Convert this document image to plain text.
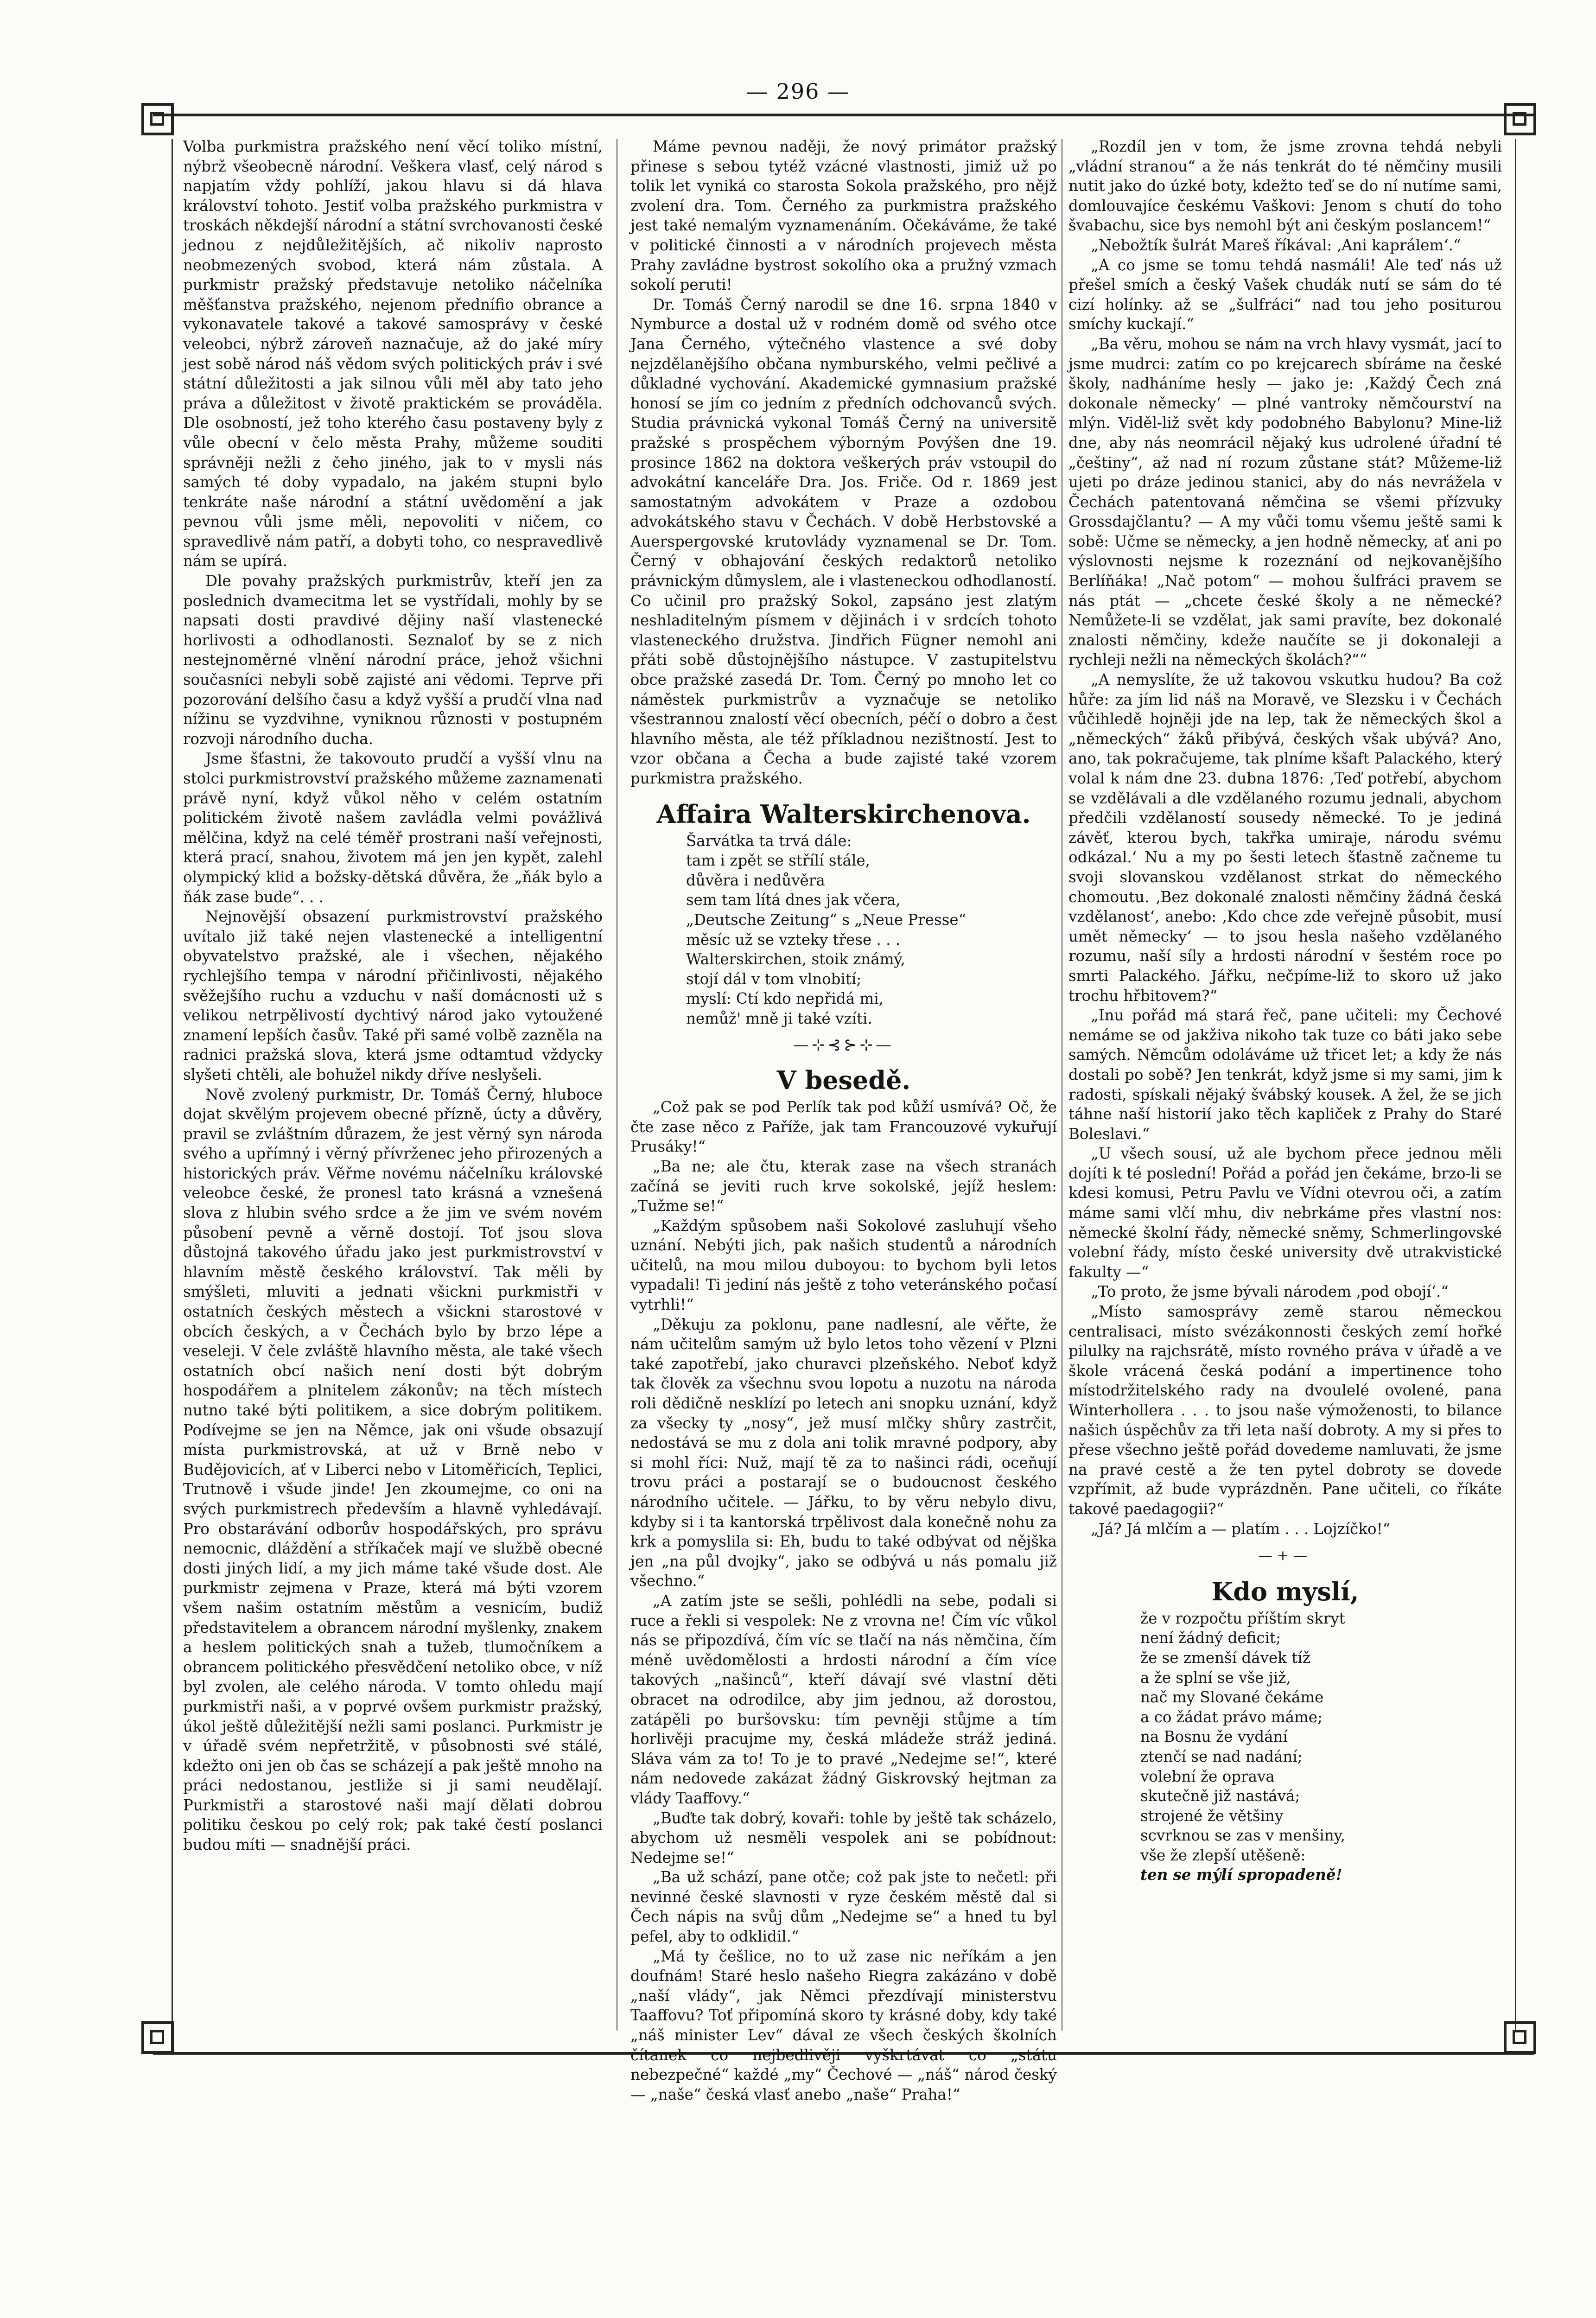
— 296 —

Volba purkmistra pražského není věcí toliko místní, nýbrž všeobecně národní. Veškera vlasť, celý národ s napjatím vždy pohlíží, jakou hlavu si dá hlava království tohoto. Jestiť volba pražského purkmistra v troskách někdejší národní a státní svrchovanosti české jednou z nejdůležitějších, ač nikoliv naprosto neobmezených svobod, která nám zůstala. A purkmistr pražský představuje netoliko náčelníka měšťanstva pražského, nejenom přednífio obrance a vykonavatele takové a takové samosprávy v české veleobci, nýbrž zároveň naznačuje, až do jaké míry jest sobě národ náš vědom svých politických práv i své státní důležitosti a jak silnou vůli měl aby tato jeho práva a důležitost v životě praktickém se prováděla. Dle osobností, jež toho kterého času postaveny byly z vůle obecní v čelo města Prahy, můžeme souditi správněji nežli z čeho jiného, jak to v mysli nás samých té doby vypadalo, na jakém stupni bylo tenkráte naše národní a státní uvědomění a jak pevnou vůli jsme měli, nepovoliti v ničem, co spravedlivě nám patří, a dobyti toho, co nespravedlivě nám se upírá.

Dle povahy pražských purkmistrův, kteří jen za poslednich dvamecitma let se vystřídali, mohly by se napsati dosti pravdivé dějiny naší vlastenecké horlivosti a odhodlanosti. Seznaloť by se z nich nestejnoměrné vlnění národní práce, jehož všichni současníci nebyli sobě zajisté ani vědomi. Teprve při pozorování delšího času a když vyšší a prudčí vlna nad nížinu se vyzdvihne, vyniknou různosti v postupném rozvoji národního ducha.

Jsme šťastni, že takovouto prudčí a vyšší vlnu na stolci purkmistrovství pražského můžeme zaznamenati právě nyní, když vůkol něho v celém ostatním politickém životě našem zavládla velmi povážlivá mělčina, když na celé téměř prostrani naší veřejnosti, která prací, snahou, životem má jen jen kypět, zalehl olympický klid a božsky-dětská důvěra, že „ňák bylo a ňák zase bude“. . .

Nejnovější obsazení purkmistrovství pražského uvítalo již také nejen vlastenecké a intelligentní obyvatelstvo pražské, ale i všechen, nějakého rychlejšího tempa v národní přičinlivosti, nějakého svěžejšího ruchu a vzduchu v naší domácnosti už s velikou netrpělivostí dychtivý národ jako vytoužené znamení lepších časův. Také při samé volbě zazněla na radnici pražská slova, která jsme odtamtud vždycky slyšeti chtěli, ale bohužel nikdy dříve neslyšeli.

Nově zvolený purkmistr, Dr. Tomáš Černý, hluboce dojat skvělým projevem obecné přízně, úcty a důvěry, pravil se zvláštním důrazem, že jest věrný syn národa svého a upřímný i věrný přívrženec jeho přirozených a historických práv. Věřme novému náčelníku královské veleobce české, že pronesl tato krásná a vznešená slova z hlubin svého srdce a že jim ve svém novém působení pevně a věrně dostojí. Toť jsou slova důstojná takového úřadu jako jest purkmistrovství v hlavním městě českého království. Tak měli by smýšleti, mluviti a jednati všickni purkmistři v ostatních českých městech a všickni starostové v obcích českých, a v Čechách bylo by brzo lépe a veseleji. V čele zvláště hlavního města, ale také všech ostatních obcí našich není dosti být dobrým hospodářem a plnitelem zákonův; na těch místech nutno také býti politikem, a sice dobrým politikem. Podívejme se jen na Němce, jak oni všude obsazují místa purkmistrovská, at už v Brně nebo v Budějovicích, ať v Liberci nebo v Litoměřicích, Teplici, Trutnově i všude jinde! Jen zkoumejme, co oni na svých purkmistrech především a hlavně vyhledávají. Pro obstarávání odborův hospodářských, pro správu nemocnic, dláždění a stříkaček mají ve službě obecné dosti jiných lidí, a my jich máme také všude dost. Ale purkmistr zejmena v Praze, která má býti vzorem všem našim ostatním městům a vesnicím, budiž představitelem a obrancem národní myšlenky, znakem a heslem politických snah a tužeb, tlumočníkem a obrancem politického přesvědčení netoliko obce, v níž byl zvolen, ale celého národa. V tomto ohledu mají purkmistři naši, a v poprvé ovšem purkmistr pražský, úkol ještě důležitější nežli sami poslanci. Purkmistr je v úřadě svém nepřetržitě, v působnosti své stálé, kdežto oni jen ob čas se scházejí a pak ještě mnoho na práci nedostanou, jestliže si ji sami neudělají. Purkmistři a starostové naši mají dělati dobrou politiku českou po celý rok; pak také čestí poslanci budou míti — snadnější práci.

Máme pevnou naději, že nový primátor pražský přinese s sebou tytéž vzácné vlastnosti, jimiž už po tolik let vyniká co starosta Sokola pražského, pro nějž zvolení dra. Tom. Černého za purkmistra pražského jest také nemalým vyznamenáním. Očekáváme, že také v politické činnosti a v národních projevech města Prahy zavládne bystrost sokolího oka a pružný vzmach sokolí peruti!

Dr. Tomáš Černý narodil se dne 16. srpna 1840 v Nymburce a dostal už v rodném domě od svého otce Jana Černého, výtečného vlastence a své doby nejzdělanějšího občana nymburského, velmi pečlivé a důkladné vychování. Akademické gymnasium pražské honosí se jím co jedním z předních odchovanců svých. Studia právnická vykonal Tomáš Černý na universitě pražské s prospěchem výborným Povýšen dne 19. prosince 1862 na doktora veškerých práv vstoupil do advokátní kanceláře Dra. Jos. Friče. Od r. 1869 jest samostatným advokátem v Praze a ozdobou advokátského stavu v Čechách. V době Herbstovské a Auerspergovské krutovlády vyznamenal se Dr. Tom. Černý v obhajování českých redaktorů netoliko právnickým důmyslem, ale i vlasteneckou odhodlaností. Co učinil pro pražský Sokol, zapsáno jest zlatým neshladitelným písmem v dějinách i v srdcích tohoto vlasteneckého družstva. Jindřich Fügner nemohl ani přáti sobě důstojnějšího nástupce. V zastupitelstvu obce pražské zasedá Dr. Tom. Černý po mnoho let co náměstek purkmistrův a vyznačuje se netoliko všestrannou znalostí věcí obecních, péčí o dobro a čest hlavního města, ale též příkladnou nezištností. Jest to vzor občana a Čecha a bude zajisté také vzorem purkmistra pražského.

Affaira Walterskirchenova.
Šarvátka ta trvá dále:
tam i zpět se střílí stále,
důvěra i nedůvěra
sem tam lítá dnes jak včera,
„Deutsche Zeitung“ s „Neue Presse“
měsíc už se vzteky třese . . .
Walterskirchen, stoik známý,
stojí dál v tom vlnobití;
myslí: Ctí kdo nepřidá mi,
nemůž' mně ji také vzíti.
—⊹⊰⊱⊹—
V besedě.

„Což pak se pod Perlík tak pod kůží usmívá? Oč, že čte zase něco z Paříže, jak tam Francouzové vykuřují Prusáky!“

„Ba ne; ale čtu, kterak zase na všech stranách začíná se jeviti ruch krve sokolské, jejíž heslem: „Tužme se!“

„Každým spůsobem naši Sokolové zasluhují všeho uznání. Nebýti jich, pak našich studentů a národních učitelů, na mou milou duboyou: to bychom byli letos vypadali! Ti jediní nás ještě z toho veteránského počasí vytrhli!“

„Děkuju za poklonu, pane nadlesní, ale věřte, že nám učitelům samým už bylo letos toho vězení v Plzni také zapotřebí, jako churavci plzeňského. Neboť když tak člověk za všechnu svou lopotu a nuzotu na národa roli dědičně nesklízí po letech ani snopku uznání, když za všecky ty „nosy“, jež musí mlčky shůry zastrčit, nedostává se mu z dola ani tolik mravné podpory, aby si mohl říci: Nuž, mají tě za to našinci rádi, oceňují trovu práci a postarají se o budoucnost českého národního učitele. — Jářku, to by věru nebylo divu, kdyby si i ta kantorská trpělivost dala konečně nohu za krk a pomyslila si: Eh, budu to také odbývat od nějška jen „na půl dvojky“, jako se odbývá u nás pomalu již všechno.“

„A zatím jste se sešli, pohlédli na sebe, podali si ruce a řekli si vespolek: Ne z vrovna ne! Čím víc vůkol nás se připozdívá, čím víc se tlačí na nás němčina, čím méně uvědomělosti a hrdosti národní a čím více takových „našinců“, kteří dávají své vlastní děti obracet na odrodilce, aby jim jednou, až dorostou, zatápěli po buršovsku: tím pevněji stůjme a tím horlivěji pracujme my, česká mládeže stráž jediná. Sláva vám za to! To je to pravé „Nedejme se!“, které nám nedovede zakázat žádný Giskrovský hejtman za vlády Taaffovy.“

„Buďte tak dobrý, kovaři: tohle by ještě tak scházelo, abychom už nesměli vespolek ani se pobídnout: Nedejme se!“

„Ba už schází, pane otče; což pak jste to nečetl: při nevinné české slavnosti v ryze českém městě dal si Čech nápis na svůj dům „Nedejme se“ a hned tu byl pefel, aby to odklidil.“

„Má ty češlice, no to už zase nic neříkám a jen doufnám! Staré heslo našeho Riegra zakázáno v době „naší vlády“, jak Němci přezdívají ministerstvu Taaffovu? Toť připomíná skoro ty krásné doby, kdy také „náš minister Lev“ dával ze všech českých školních čítanek co nejbedlivěji vyškrtávat co „státu nebezpečné“ každé „my“ Čechové — „náš“ národ český — „naše“ česká vlasť anebo „naše“ Praha!“

„Rozdíl jen v tom, že jsme zrovna tehdá nebyli „vládní stranou“ a že nás tenkrát do té němčiny musili nutit jako do úzké boty, kdežto teď se do ní nutíme sami, domlouvajíce českému Vaškovi: Jenom s chutí do toho švabachu, sice bys nemohl být ani českým poslancem!“

„Nebožtík šulrát Mareš říkával: ‚Ani kaprálem‘.“

„A co jsme se tomu tehdá nasmáli! Ale teď nás už přešel smích a český Vašek chudák nutí se sám do té cizí holínky. až se „šulfráci“ nad tou jeho positurou smíchy kuckají.“

„Ba věru, mohou se nám na vrch hlavy vysmát, jací to jsme mudrci: zatím co po krejcarech sbíráme na české školy, nadháníme hesly — jako je: ‚Každý Čech zná dokonale německy‘ — plné vantroky němčourství na mlýn. Viděl-liž svět kdy podobného Babylonu? Mine-liž dne, aby nás neomrácil nějaký kus udrolené úřadní té „češtiny“, až nad ní rozum zůstane stát? Můžeme-liž ujeti po dráze jedinou stanici, aby do nás nevrážela v Čechách patentovaná němčina se všemi přízvuky Grossdajčlantu? — A my vůči tomu všemu ještě sami k sobě: Učme se německy, a jen hodně německy, ať ani po výslovnosti nejsme k rozeznání od nejkovanějšího Berlíňáka! „Nač potom“ — mohou šulfráci pravem se nás ptát — „chcete české školy a ne německé? Nemůžete-li se vzdělat, jak sami pravíte, bez dokonalé znalosti němčiny, kdeže naučíte se ji dokonaleji a rychleji nežli na německých školách?““

„A nemyslíte, že už takovou vskutku hudou? Ba což hůře: za jím lid náš na Moravě, ve Slezsku i v Čechách vůčihledě hojněji jde na lep, tak že německých škol a „německých“ žáků přibývá, českých však ubývá? Ano, ano, tak pokračujeme, tak plníme kšaft Palackého, který volal k nám dne 23. dubna 1876: ‚Teď potřebí, abychom se vzdělávali a dle vzdělaného rozumu jednali, abychom předčili vzdělaností sousedy německé. To je jediná závěť, kterou bych, takřka umiraje, národu svému odkázal.‘ Nu a my po šesti letech šťastně začneme tu svoji slovanskou vzdělanost strkat do německého chomoutu. ‚Bez dokonalé znalosti němčiny žádná česká vzdělanost‘, anebo: ‚Kdo chce zde veřejně působit, musí umět německy‘ — to jsou hesla našeho vzdělaného rozumu, naší síly a hrdosti národní v šestém roce po smrti Palackého. Jářku, nečpíme-liž to skoro už jako trochu hřbitovem?“

„Inu pořád má stará řeč, pane učiteli: my Čechové nemáme se od jakživa nikoho tak tuze co báti jako sebe samých. Němcům odoláváme už třicet let; a kdy že nás dostali po sobě? Jen tenkrát, když jsme si my sami, jim k radosti, spískali nějaký švábský kousek. A žel, že se jich táhne naší historií jako těch kapliček z Prahy do Staré Boleslavi.“

„U všech sousí, už ale bychom přece jednou měli dojíti k té poslední! Pořád a pořád jen čekáme, brzo-li se kdesi komusi, Petru Pavlu ve Vídni otevrou oči, a zatím máme sami vlčí mhu, div nebrkáme přes vlastní nos: německé školní řády, německé sněmy, Schmerlingovské volební řády, místo české university dvě utrakvistické fakulty —“

„To proto, že jsme bývali národem ‚pod obojí‘.“

„Místo samosprávy země starou německou centralisaci, místo svézákonnosti českých zemí hořké pilulky na rajchsrátě, místo rovného práva v úřadě a ve škole vrácená česká podání a impertinence toho místodržitelského rady na dvoulelé ovolené, pana Winterhollera . . . to jsou naše výmoženosti, to bilance našich úspěchův za tři leta naší dobroty. A my si přes to přese všechno ještě pořád dovedeme namluvati, že jsme na pravé cestě a že ten pytel dobroty se dovede vzpřímit, až bude vyprázdněn. Pane učiteli, co říkáte takové paedagogii?“

„Já? Já mlčím a — platím . . . Lojzíčko!“

—+—
Kdo myslí,
že v rozpočtu příštím skryt
není žádný deficit;
že se zmenší dávek tíž
a že splní se vše již,
nač my Slované čekáme
a co žádat právo máme;
na Bosnu že vydání
ztenčí se nad nadání;
volební že oprava
skutečně již nastává;
strojené že většiny
scvrknou se zas v menšiny,
vše že zlepší utěšeně:
ten se mýlí spropadeně!
